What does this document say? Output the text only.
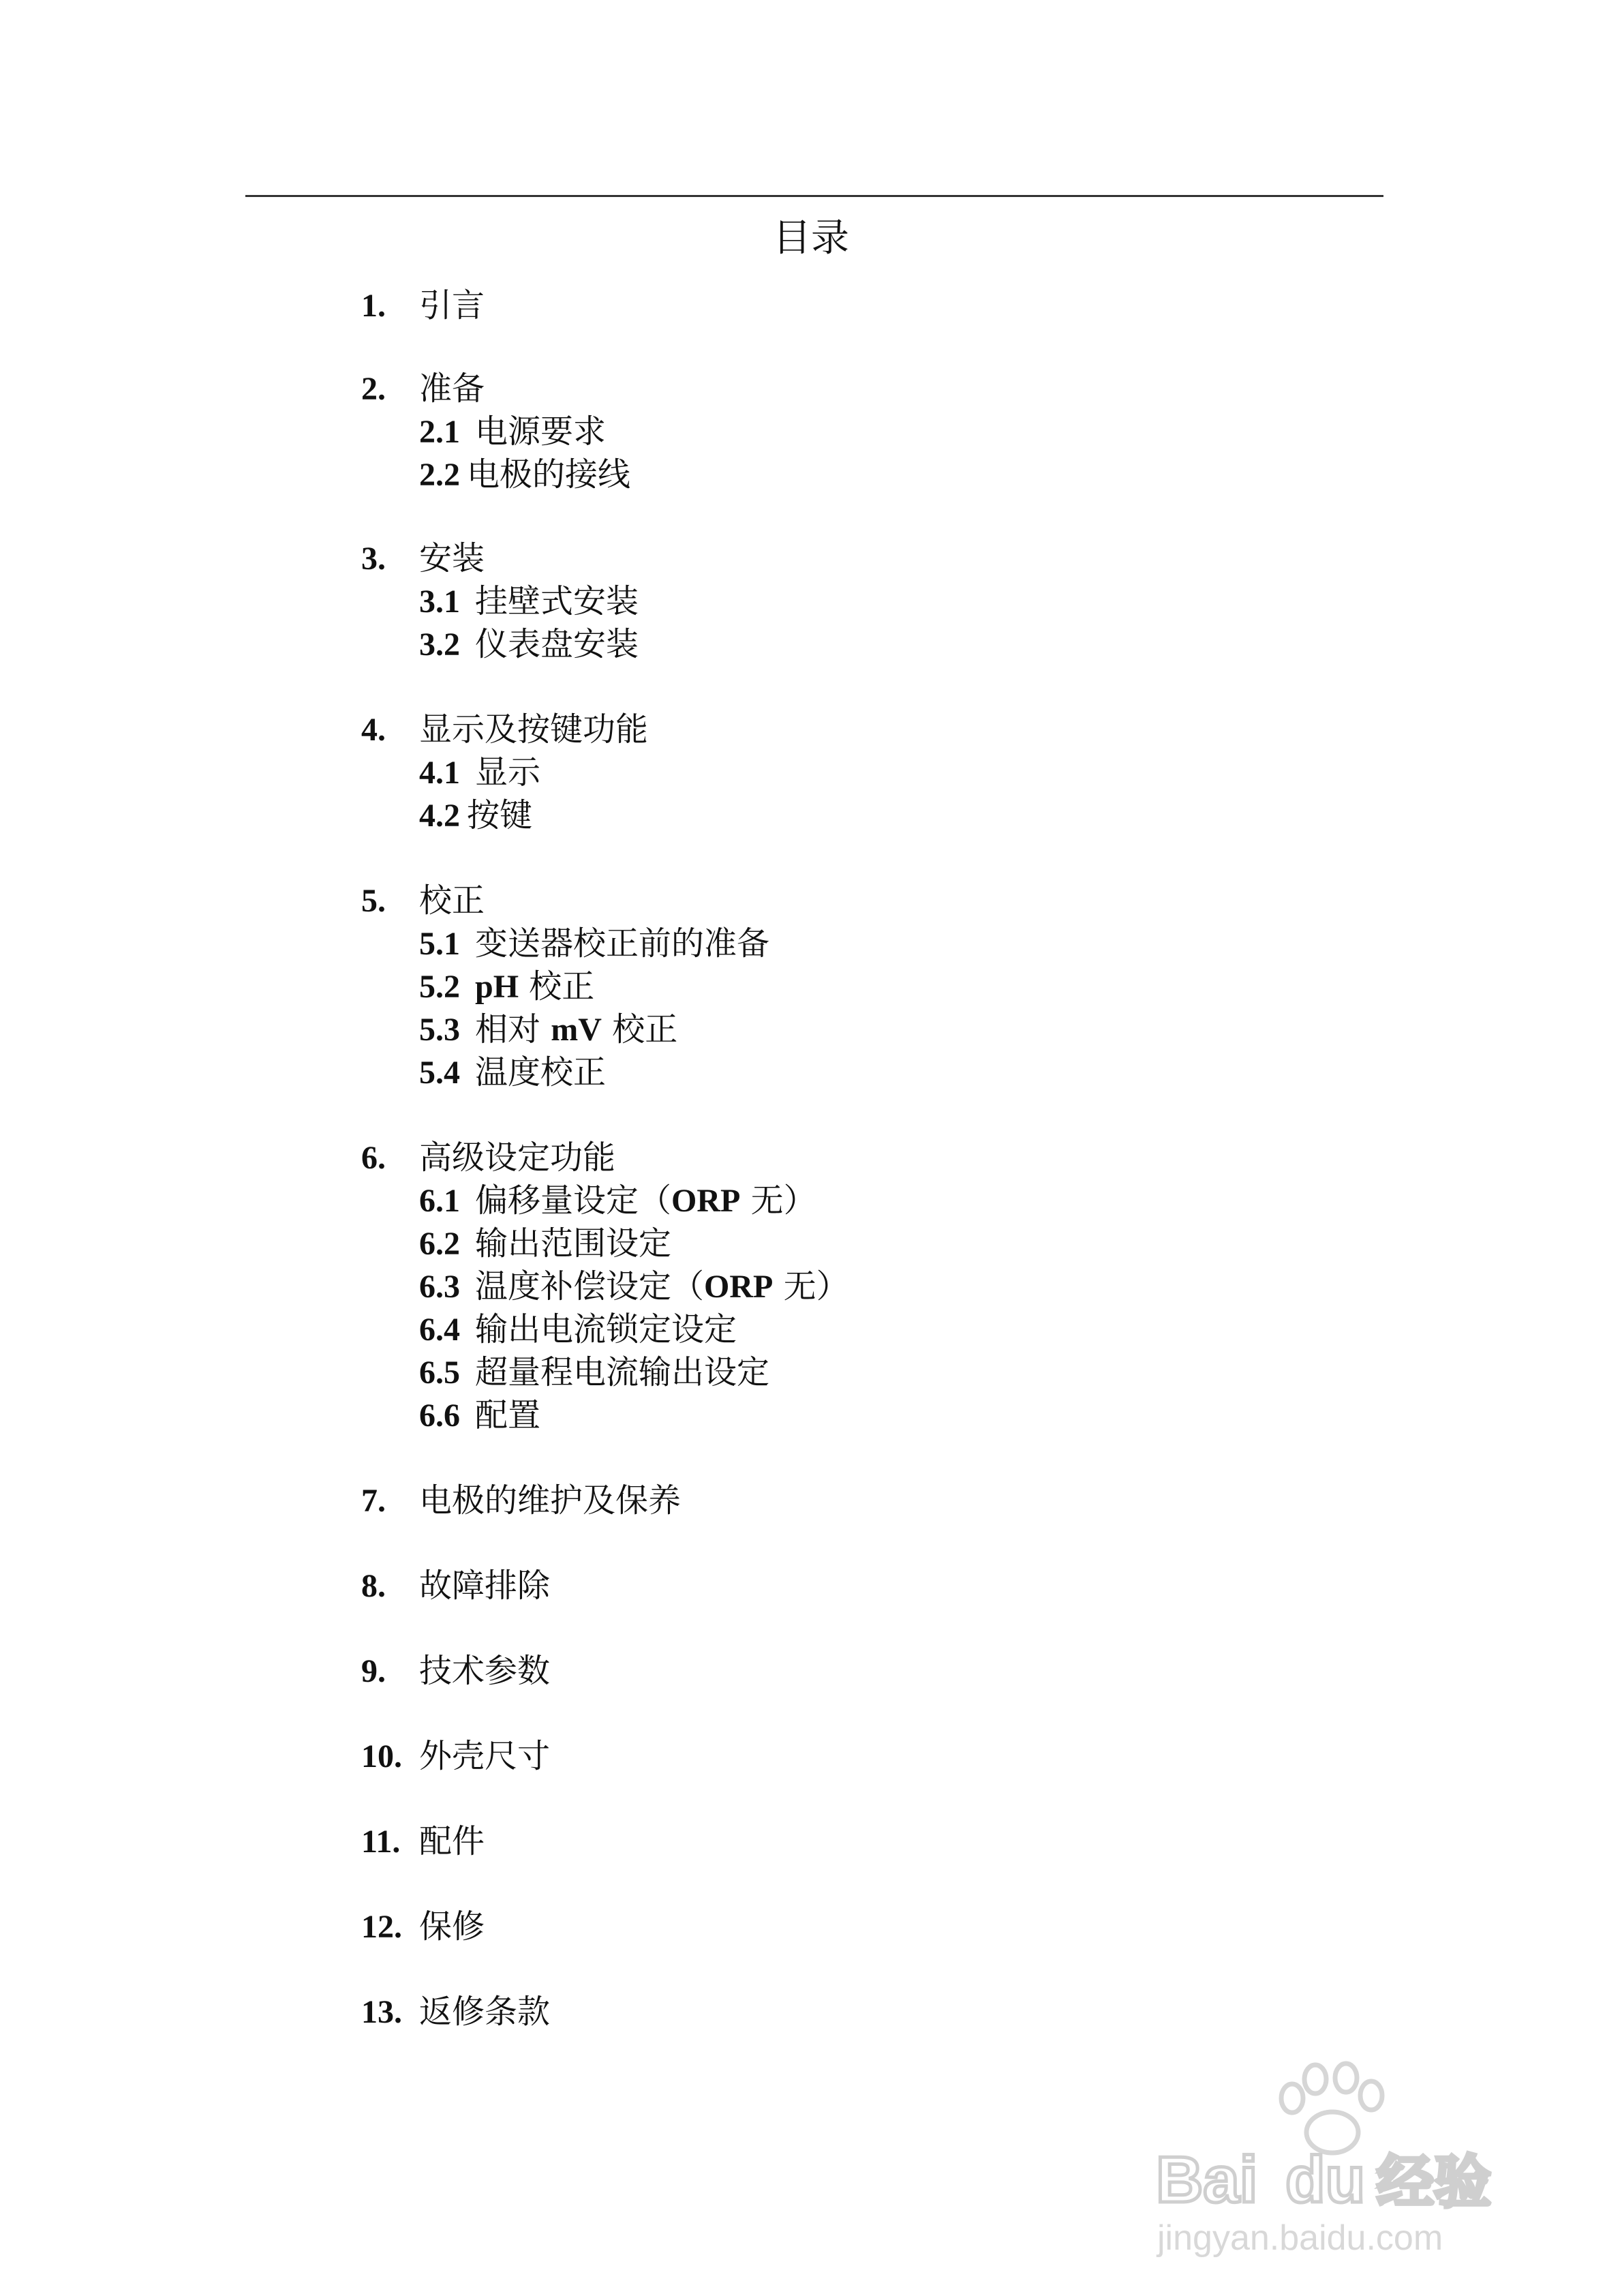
目录
1. 引言
2. 准备
2.1 电源要求
2.2 电极的接线
3. 安装
3.1 挂壁式安装
3.2 仪表盘安装
4. 显示及按键功能
4.1 显示
4.2 按键
5. 校正
5.1 变送器校正前的准备
5.2 pH 校正
5.3 相对 mV 校正
5.4 温度校正
6. 高级设定功能
6.1 偏移量设定（ORP 无）
6.2 输出范围设定
6.3 温度补偿设定（ORP 无）
6.4 输出电流锁定设定
6.5 超量程电流输出设定
6.6 配置
7. 电极的维护及保养
8. 故障排除
9. 技术参数
10. 外壳尺寸
11. 配件
12. 保修
13. 返修条款
Bai du 经验
jingyan.baidu.com
